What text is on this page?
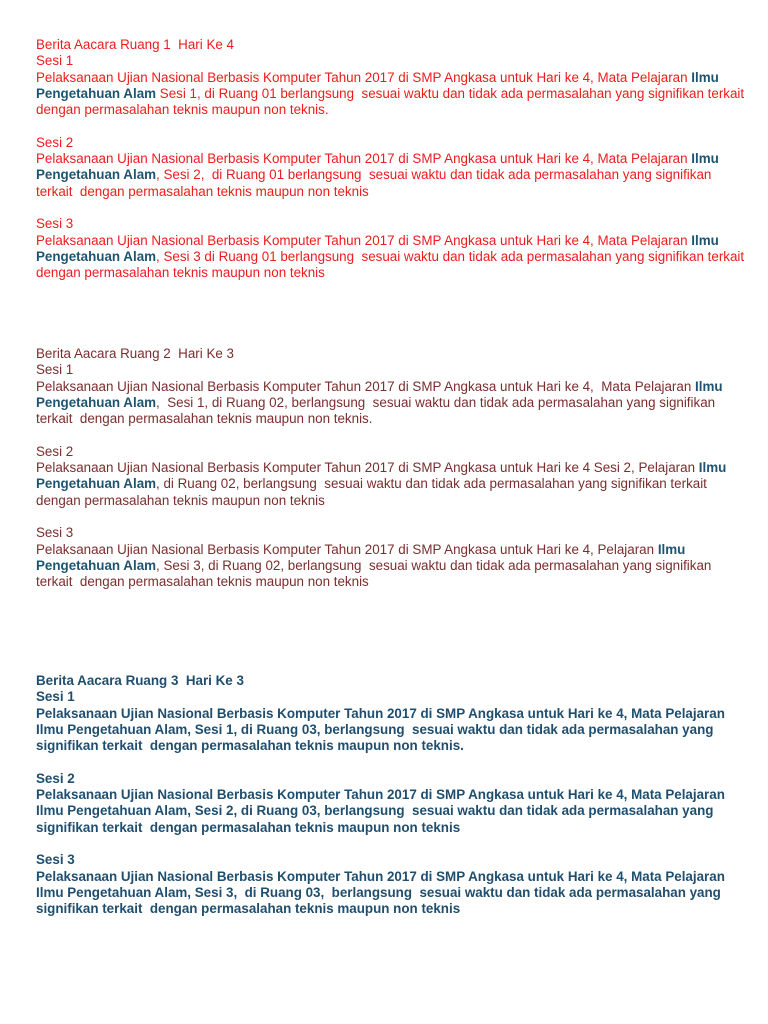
Berita Aacara Ruang 1  Hari Ke 4

Sesi 1

Pelaksanaan Ujian Nasional Berbasis Komputer Tahun 2017 di SMP Angkasa untuk Hari ke 4, Mata Pelajaran Ilmu Pengetahuan Alam Sesi 1, di Ruang 01 berlangsung  sesuai waktu dan tidak ada permasalahan yang signifikan terkait  dengan permasalahan teknis maupun non teknis.

Sesi 2

Pelaksanaan Ujian Nasional Berbasis Komputer Tahun 2017 di SMP Angkasa untuk Hari ke 4, Mata Pelajaran Ilmu Pengetahuan Alam, Sesi 2,  di Ruang 01 berlangsung  sesuai waktu dan tidak ada permasalahan yang signifikan terkait  dengan permasalahan teknis maupun non teknis

Sesi 3

Pelaksanaan Ujian Nasional Berbasis Komputer Tahun 2017 di SMP Angkasa untuk Hari ke 4, Mata Pelajaran Ilmu Pengetahuan Alam, Sesi 3 di Ruang 01 berlangsung  sesuai waktu dan tidak ada permasalahan yang signifikan terkait  dengan permasalahan teknis maupun non teknis

Berita Aacara Ruang 2  Hari Ke 3

Sesi 1

Pelaksanaan Ujian Nasional Berbasis Komputer Tahun 2017 di SMP Angkasa untuk Hari ke 4,  Mata Pelajaran Ilmu Pengetahuan Alam,  Sesi 1, di Ruang 02, berlangsung  sesuai waktu dan tidak ada permasalahan yang signifikan terkait  dengan permasalahan teknis maupun non teknis.

Sesi 2

Pelaksanaan Ujian Nasional Berbasis Komputer Tahun 2017 di SMP Angkasa untuk Hari ke 4 Sesi 2, Pelajaran Ilmu Pengetahuan Alam, di Ruang 02, berlangsung  sesuai waktu dan tidak ada permasalahan yang signifikan terkait  dengan permasalahan teknis maupun non teknis

Sesi 3

Pelaksanaan Ujian Nasional Berbasis Komputer Tahun 2017 di SMP Angkasa untuk Hari ke 4, Pelajaran Ilmu Pengetahuan Alam, Sesi 3, di Ruang 02, berlangsung  sesuai waktu dan tidak ada permasalahan yang signifikan terkait  dengan permasalahan teknis maupun non teknis

Berita Aacara Ruang 3  Hari Ke 3

Sesi 1

Pelaksanaan Ujian Nasional Berbasis Komputer Tahun 2017 di SMP Angkasa untuk Hari ke 4, Mata Pelajaran Ilmu Pengetahuan Alam, Sesi 1, di Ruang 03, berlangsung  sesuai waktu dan tidak ada permasalahan yang signifikan terkait  dengan permasalahan teknis maupun non teknis.

Sesi 2

Pelaksanaan Ujian Nasional Berbasis Komputer Tahun 2017 di SMP Angkasa untuk Hari ke 4, Mata Pelajaran Ilmu Pengetahuan Alam, Sesi 2, di Ruang 03, berlangsung  sesuai waktu dan tidak ada permasalahan yang signifikan terkait  dengan permasalahan teknis maupun non teknis

Sesi 3

Pelaksanaan Ujian Nasional Berbasis Komputer Tahun 2017 di SMP Angkasa untuk Hari ke 4, Mata Pelajaran Ilmu Pengetahuan Alam, Sesi 3,  di Ruang 03,  berlangsung  sesuai waktu dan tidak ada permasalahan yang signifikan terkait  dengan permasalahan teknis maupun non teknis
